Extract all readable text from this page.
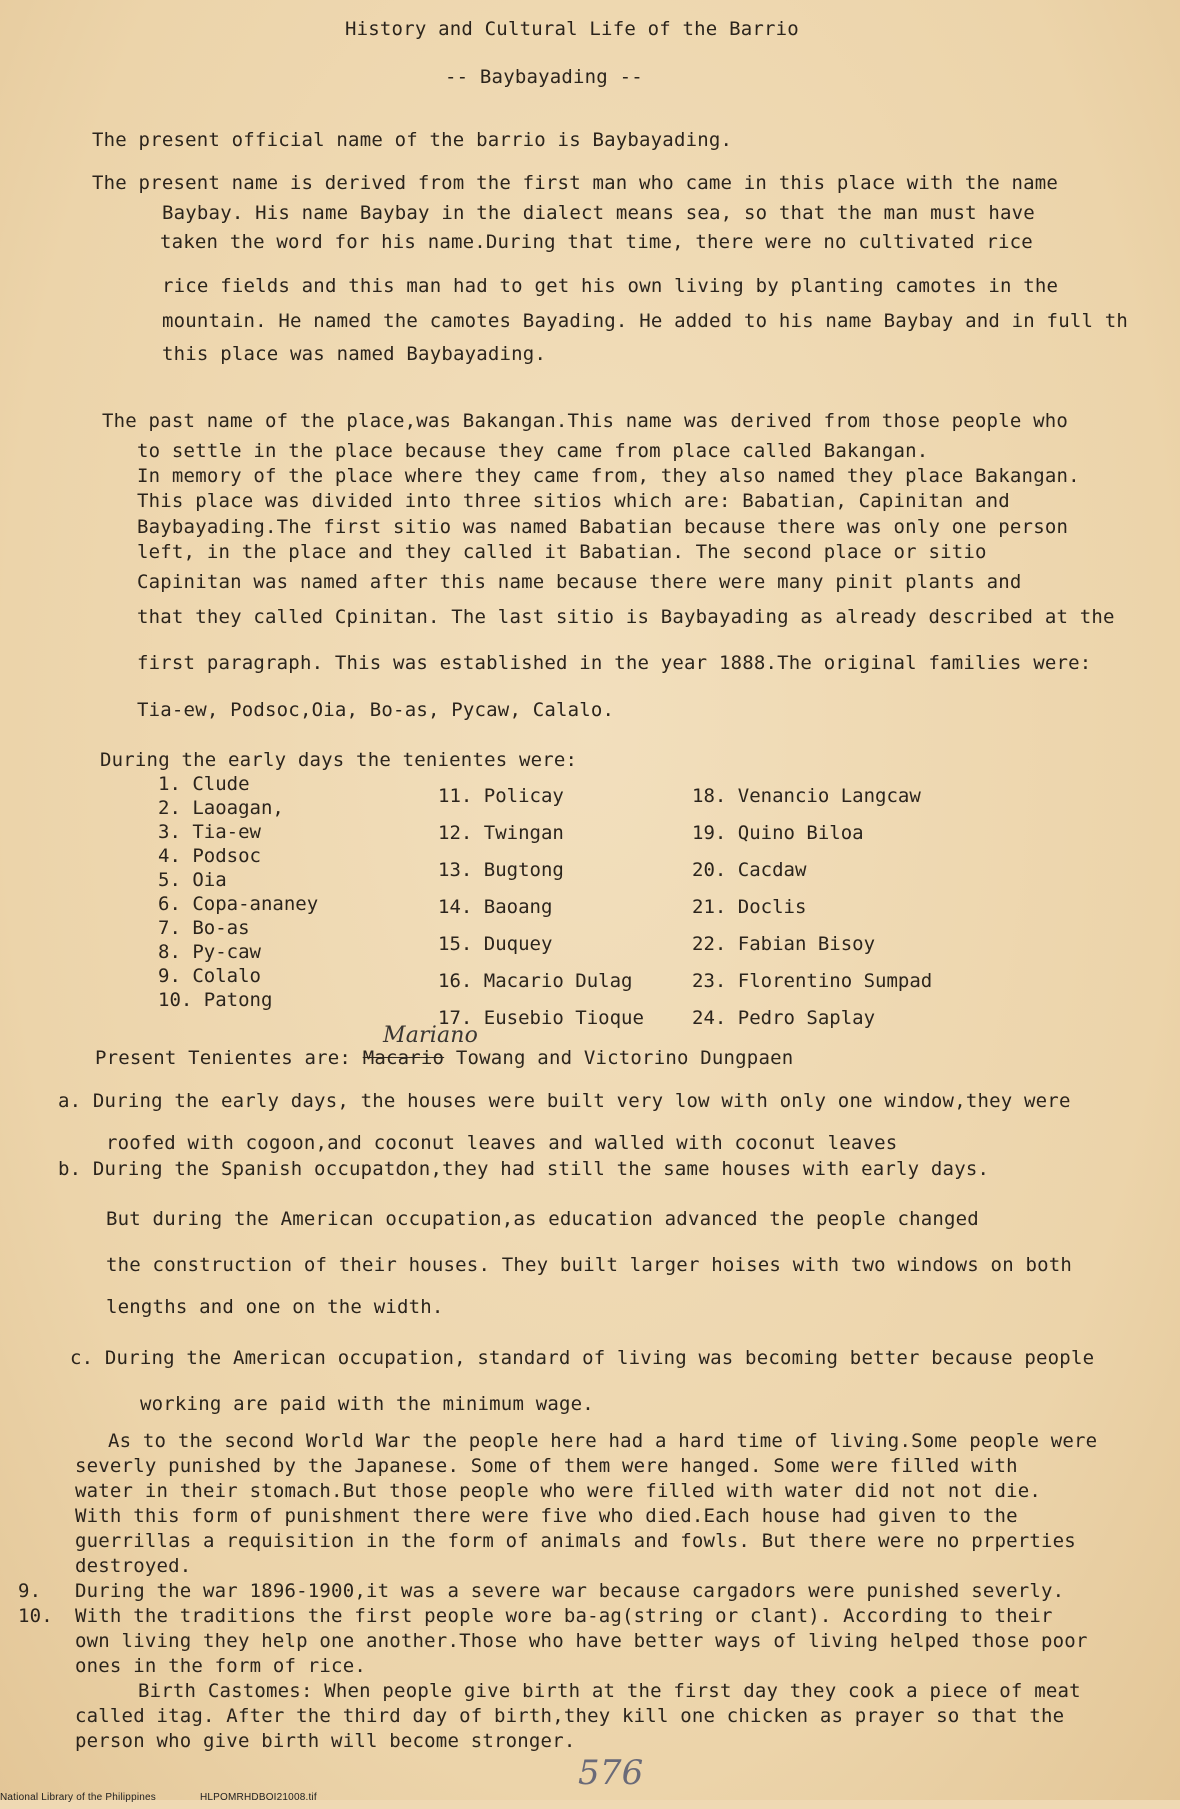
History and Cultural Life of the Barrio
-- Baybayading --
The present official name of the barrio is Baybayading.
The present name is derived from the first man who came in this place with the name
Baybay. His name Baybay in the dialect means sea, so that the man must have
taken the word for his name.During that time, there were no cultivated rice
rice fields and this man had to get his own living by planting camotes in the
mountain. He named the camotes Bayading. He added to his name Baybay and in full th
this place was named Baybayading.
The past name of the place,was Bakangan.This name was derived from those people who
to settle in the place because they came from place called Bakangan.
In memory of the place where they came from, they also named they place Bakangan.
This place was divided into three sitios which are: Babatian, Capinitan and
Baybayading.The first sitio was named Babatian because there was only one person
left, in the place and they called it Babatian. The second place or sitio
Capinitan was named after this name because there were many pinit plants and
that they called Cpinitan. The last sitio is Baybayading as already described at the
first paragraph. This was established in the year 1888.The original families were:
Tia-ew, Podsoc,Oia, Bo-as, Pycaw, Calalo.
During the early days the tenientes were:
1. Clude
2. Laoagan,
3. Tia-ew
4. Podsoc
5. Oia
6. Copa-ananey
7. Bo-as
8. Py-caw
9. Colalo
10. Patong
11. Policay
12. Twingan
13. Bugtong
14. Baoang
15. Duquey
16. Macario Dulag
17. Eusebio Tioque
18. Venancio Langcaw
19. Quino Biloa
20. Cacdaw
21. Doclis
22. Fabian Bisoy
23. Florentino Sumpad
24. Pedro Saplay
Mariano
Present Tenientes are: Macario Towang and Victorino Dungpaen
a. During the early days, the houses were built very low with only one window,they were
roofed with cogoon,and coconut leaves and walled with coconut leaves
b. During the Spanish occupatdon,they had still the same houses with early days.
But during the American occupation,as education advanced the people changed
the construction of their houses. They built larger hoises with two windows on both
lengths and one on the width.
c. During the American occupation, standard of living was becoming better because people
working are paid with the minimum wage.
As to the second World War the people here had a hard time of living.Some people were
severly punished by the Japanese. Some of them were hanged. Some were filled with
water in their stomach.But those people who were filled with water did not not die.
With this form of punishment there were five who died.Each house had given to the
guerrillas a requisition in the form of animals and fowls. But there were no prperties
destroyed.
9. During the war 1896-1900,it was a severe war because cargadors were punished severly.
10. With the traditions the first people wore ba-ag(string or clant). According to their
own living they help one another.Those who have better ways of living helped those poor
ones in the form of rice.
Birth Castomes: When people give birth at the first day they cook a piece of meat
called itag. After the third day of birth,they kill one chicken as prayer so that the
person who give birth will become stronger.
National Library of the Philippines	HLPOMRHDBOI21008.tif
576
